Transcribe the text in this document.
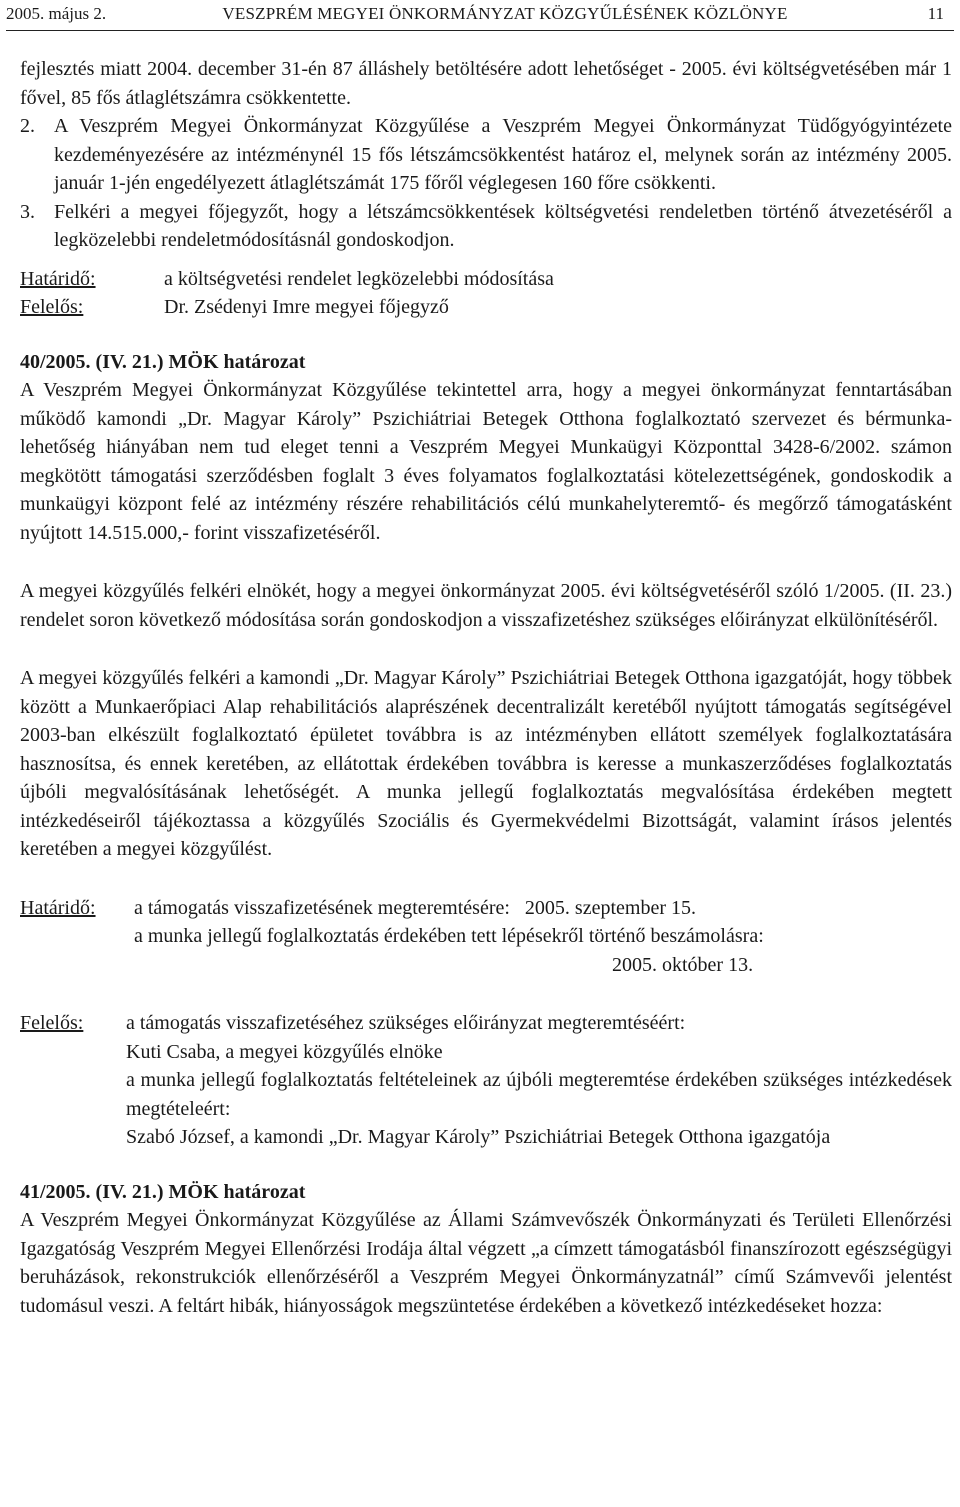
2005. május 2.	VESZPRÉM MEGYEI ÖNKORMÁNYZAT KÖZGYŰLÉSÉNEK KÖZLÖNYE	11

fejlesztés miatt 2004. december 31-én 87 álláshely betöltésére adott lehetőséget - 2005. évi költségvetésében már 1 fővel, 85 fős átlaglétszámra csökkentette.

2. A Veszprém Megyei Önkormányzat Közgyűlése a Veszprém Megyei Önkormányzat Tüdőgyógyintézete kezdeményezésére az intézménynél 15 fős létszámcsökkentést határoz el, melynek során az intézmény 2005. január 1-jén engedélyezett átlaglétszámát 175 főről véglegesen 160 főre csökkenti.

3. Felkéri a megyei főjegyzőt, hogy a létszámcsökkentések költségvetési rendeletben történő átvezetéséről a legközelebbi rendeletmódosításnál gondoskodjon.

Határidő:	a költségvetési rendelet legközelebbi módosítása
Felelős:	Dr. Zsédenyi Imre megyei főjegyző

40/2005. (IV. 21.) MÖK határozat

A Veszprém Megyei Önkormányzat Közgyűlése tekintettel arra, hogy a megyei önkormányzat fenntartásában működő kamondi „Dr. Magyar Károly” Pszichiátriai Betegek Otthona foglalkoztató szervezet és bérmunka-lehetőség hiányában nem tud eleget tenni a Veszprém Megyei Munkaügyi Központtal 3428-6/2002. számon megkötött támogatási szerződésben foglalt 3 éves folyamatos foglalkoztatási kötelezettségének, gondoskodik a munkaügyi központ felé az intézmény részére rehabilitációs célú munkahelyteremtő- és megőrző támogatásként nyújtott 14.515.000,- forint visszafizetéséről.

A megyei közgyűlés felkéri elnökét, hogy a megyei önkormányzat 2005. évi költségvetéséről szóló 1/2005. (II. 23.) rendelet soron következő módosítása során gondoskodjon a visszafizetéshez szükséges előirányzat elkülönítéséről.

A megyei közgyűlés felkéri a kamondi „Dr. Magyar Károly” Pszichiátriai Betegek Otthona igazgatóját, hogy többek között a Munkaerőpiaci Alap rehabilitációs alaprészének decentralizált keretéből nyújtott támogatás segítségével 2003-ban elkészült foglalkoztató épületet továbbra is az intézményben ellátott személyek foglalkoztatására hasznosítsa, és ennek keretében, az ellátottak érdekében továbbra is keresse a munkaszerződéses foglalkoztatás újbóli megvalósításának lehetőségét. A munka jellegű foglalkoztatás megvalósítása érdekében megtett intézkedéseiről tájékoztassa a közgyűlés Szociális és Gyermekvédelmi Bizottságát, valamint írásos jelentés keretében a megyei közgyűlést.

Határidő:	a támogatás visszafizetésének megteremtésére:   2005. szeptember 15.
a munka jellegű foglalkoztatás érdekében tett lépésekről történő beszámolásra:
2005. október 13.
Felelős:	a támogatás visszafizetéséhez szükséges előirányzat megteremtéséért:
Kuti Csaba, a megyei közgyűlés elnöke
a munka jellegű foglalkoztatás feltételeinek az újbóli megteremtése érdekében szükséges intézkedések megtételeért:
Szabó József, a kamondi „Dr. Magyar Károly” Pszichiátriai Betegek Otthona igazgatója

41/2005. (IV. 21.) MÖK határozat

A Veszprém Megyei Önkormányzat Közgyűlése az Állami Számvevőszék Önkormányzati és Területi Ellenőrzési Igazgatóság Veszprém Megyei Ellenőrzési Irodája által végzett „a címzett támogatásból finanszírozott egészségügyi beruházások, rekonstrukciók ellenőrzéséről a Veszprém Megyei Önkormányzatnál” című Számvevői jelentést tudomásul veszi. A feltárt hibák, hiányosságok megszüntetése érdekében a következő intézkedéseket hozza:
